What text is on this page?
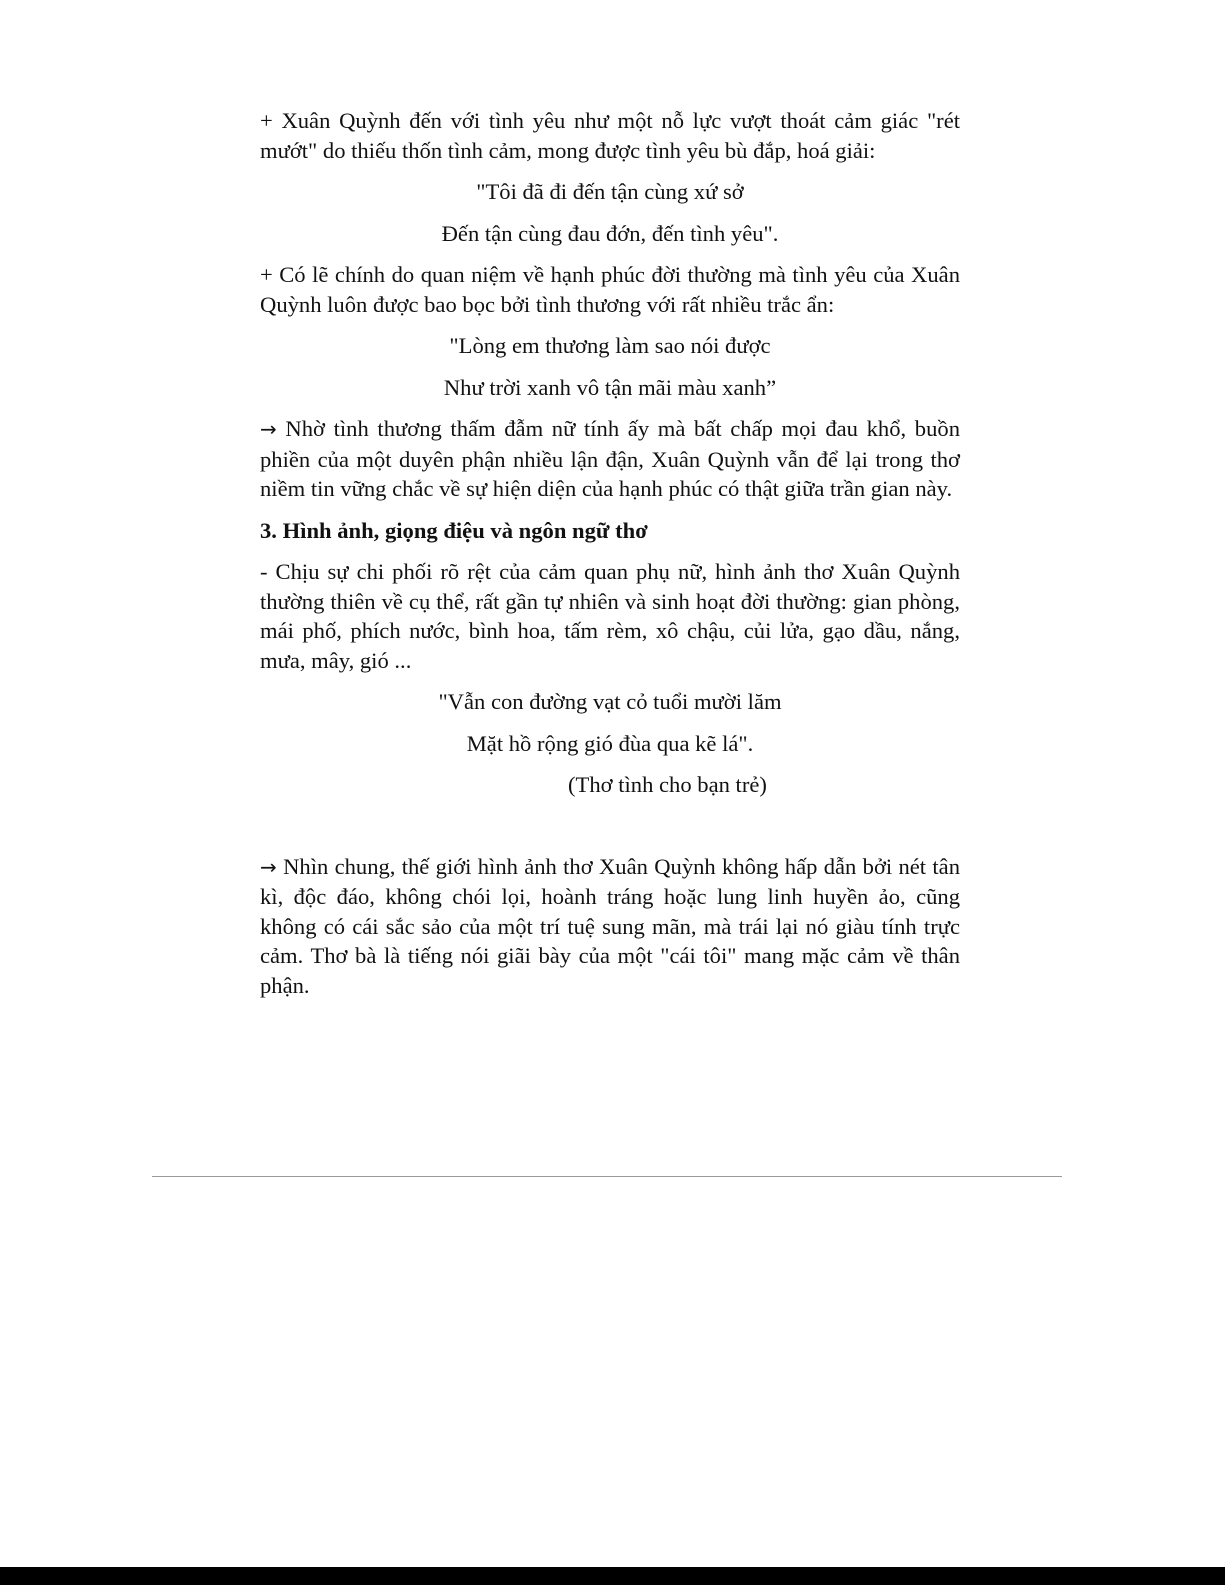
+ Xuân Quỳnh đến với tình yêu như một nỗ lực vượt thoát cảm giác "rét mướt" do thiếu thốn tình cảm, mong được tình yêu bù đắp, hoá giải:

"Tôi đã đi đến tận cùng xứ sở

Đến tận cùng đau đớn, đến tình yêu".

+ Có lẽ chính do quan niệm về hạnh phúc đời thường mà tình yêu của Xuân Quỳnh luôn được bao bọc bởi tình thương với rất nhiều trắc ẩn:

"Lòng em thương làm sao nói được

Như trời xanh vô tận mãi màu xanh”

→ Nhờ tình thương thấm đẫm nữ tính ấy mà bất chấp mọi đau khổ, buồn phiền của một duyên phận nhiều lận đận, Xuân Quỳnh vẫn để lại trong thơ niềm tin vững chắc về sự hiện diện của hạnh phúc có thật giữa trần gian này.

3. Hình ảnh, giọng điệu và ngôn ngữ thơ

- Chịu sự chi phối rõ rệt của cảm quan phụ nữ, hình ảnh thơ Xuân Quỳnh thường thiên về cụ thể, rất gần tự nhiên và sinh hoạt đời thường: gian phòng, mái phố, phích nước, bình hoa, tấm rèm, xô chậu, củi lửa, gạo dầu, nắng, mưa, mây, gió ...

"Vẫn con đường vạt cỏ tuổi mười lăm

Mặt hồ rộng gió đùa qua kẽ lá".

(Thơ tình cho bạn trẻ)

→ Nhìn chung, thế giới hình ảnh thơ Xuân Quỳnh không hấp dẫn bởi nét tân kì, độc đáo, không chói lọi, hoành tráng hoặc lung linh huyền ảo, cũng không có cái sắc sảo của một trí tuệ sung mãn, mà trái lại nó giàu tính trực cảm. Thơ bà là tiếng nói giãi bày của một "cái tôi" mang mặc cảm về thân phận.
